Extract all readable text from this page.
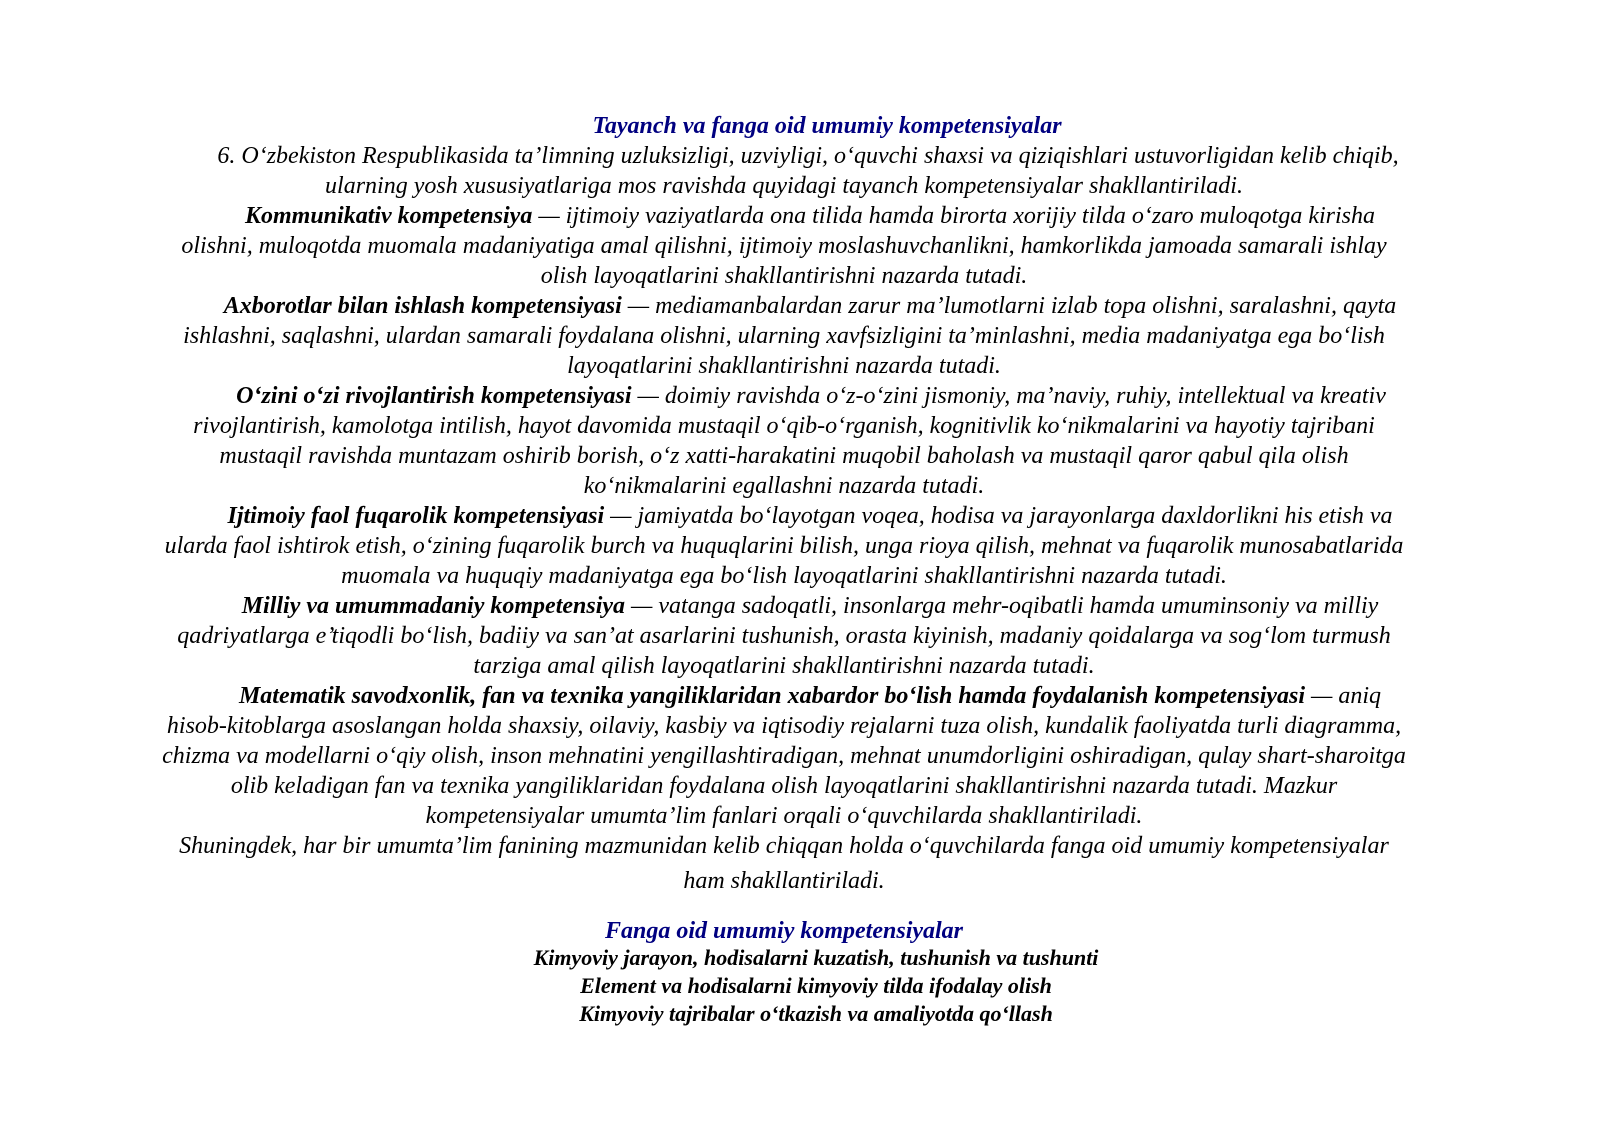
Tayanch va fanga oid umumiy kompetensiyalar
6. O‘zbekiston Respublikasida ta’limning uzluksizligi, uzviyligi, o‘quvchi shaxsi va qiziqishlari ustuvorligidan kelib chiqib,
ularning yosh xususiyatlariga mos ravishda quyidagi tayanch kompetensiyalar shakllantiriladi.
Kommunikativ kompetensiya — ijtimoiy vaziyatlarda ona tilida hamda birorta xorijiy tilda o‘zaro muloqotga kirisha
olishni, muloqotda muomala madaniyatiga amal qilishni, ijtimoiy moslashuvchanlikni, hamkorlikda jamoada samarali ishlay
olish layoqatlarini shakllantirishni nazarda tutadi.
Axborotlar bilan ishlash kompetensiyasi — mediamanbalardan zarur ma’lumotlarni izlab topa olishni, saralashni, qayta
ishlashni, saqlashni, ulardan samarali foydalana olishni, ularning xavfsizligini ta’minlashni, media madaniyatga ega bo‘lish
layoqatlarini shakllantirishni nazarda tutadi.
O‘zini o‘zi rivojlantirish kompetensiyasi — doimiy ravishda o‘z-o‘zini jismoniy, ma’naviy, ruhiy, intellektual va kreativ
rivojlantirish, kamolotga intilish, hayot davomida mustaqil o‘qib-o‘rganish, kognitivlik ko‘nikmalarini va hayotiy tajribani
mustaqil ravishda muntazam oshirib borish, o‘z xatti-harakatini muqobil baholash va mustaqil qaror qabul qila olish
ko‘nikmalarini egallashni nazarda tutadi.
Ijtimoiy faol fuqarolik kompetensiyasi — jamiyatda bo‘layotgan voqea, hodisa va jarayonlarga daxldorlikni his etish va
ularda faol ishtirok etish, o‘zining fuqarolik burch va huquqlarini bilish, unga rioya qilish, mehnat va fuqarolik munosabatlarida
muomala va huquqiy madaniyatga ega bo‘lish layoqatlarini shakllantirishni nazarda tutadi.
Milliy va umummadaniy kompetensiya — vatanga sadoqatli, insonlarga mehr-oqibatli hamda umuminsoniy va milliy
qadriyatlarga e’tiqodli bo‘lish, badiiy va san’at asarlarini tushunish, orasta kiyinish, madaniy qoidalarga va sog‘lom turmush
tarziga amal qilish layoqatlarini shakllantirishni nazarda tutadi.
Matematik savodxonlik, fan va texnika yangiliklaridan xabardor bo‘lish hamda foydalanish kompetensiyasi — aniq
hisob-kitoblarga asoslangan holda shaxsiy, oilaviy, kasbiy va iqtisodiy rejalarni tuza olish, kundalik faoliyatda turli diagramma,
chizma va modellarni o‘qiy olish, inson mehnatini yengillashtiradigan, mehnat unumdorligini oshiradigan, qulay shart-sharoitga
olib keladigan fan va texnika yangiliklaridan foydalana olish layoqatlarini shakllantirishni nazarda tutadi. Mazkur
kompetensiyalar umumta’lim fanlari orqali o‘quvchilarda shakllantiriladi.
Shuningdek, har bir umumta’lim fanining mazmunidan kelib chiqqan holda o‘quvchilarda fanga oid umumiy kompetensiyalar
ham shakllantiriladi.
Fanga oid umumiy kompetensiyalar
Kimyoviy jarayon, hodisalarni kuzatish, tushunish va tushunti
Element va hodisalarni kimyoviy tilda ifodalay olish
Kimyoviy tajribalar o‘tkazish va amaliyotda qo‘llash
